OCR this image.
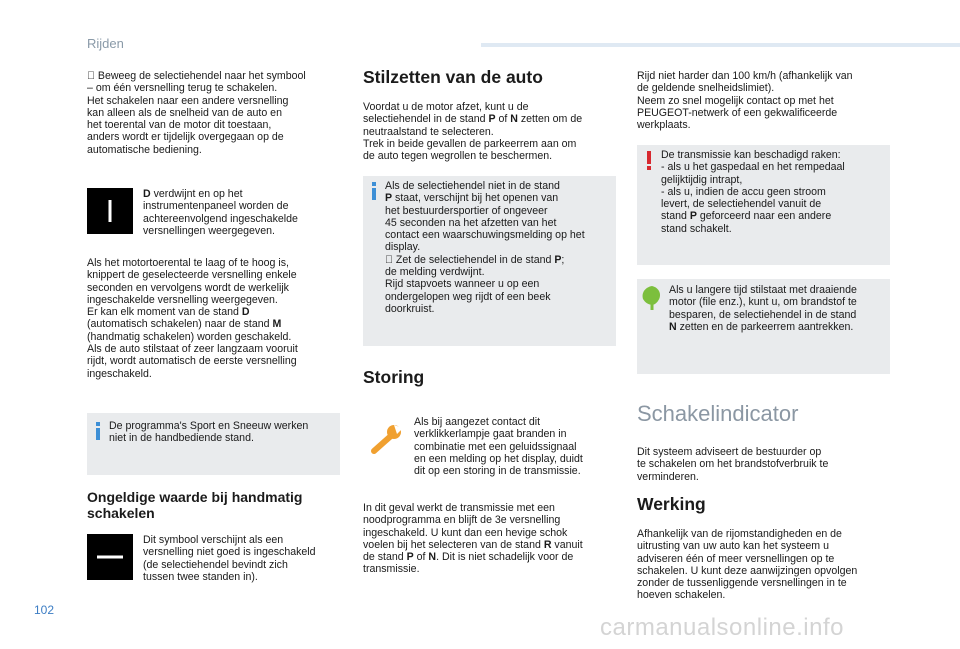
Rijden
Beweeg de selectiehendel naar het symbool
– om één versnelling terug te schakelen.
Het schakelen naar een andere versnelling
kan alleen als de snelheid van de auto en
het toerental van de motor dit toestaan,
anders wordt er tijdelijk overgegaan op de
automatische bediening.
D verdwijnt en op het
instrumentenpaneel worden de
achtereenvolgend ingeschakelde
versnellingen weergegeven.
Als het motortoerental te laag of te hoog is,
knippert de geselecteerde versnelling enkele
seconden en vervolgens wordt de werkelijk
ingeschakelde versnelling weergegeven.
Er kan elk moment van de stand D
(automatisch schakelen) naar de stand M
(handmatig schakelen) worden geschakeld.
Als de auto stilstaat of zeer langzaam vooruit
rijdt, wordt automatisch de eerste versnelling
ingeschakeld.
De programma's Sport en Sneeuw werken
niet in de handbediende stand.
Ongeldige waarde bij handmatig
schakelen
Dit symbool verschijnt als een
versnelling niet goed is ingeschakeld
(de selectiehendel bevindt zich
tussen twee standen in).
Stilzetten van de auto
Voordat u de motor afzet, kunt u de
selectiehendel in de stand P of N zetten om de
neutraalstand te selecteren.
Trek in beide gevallen de parkeerrem aan om
de auto tegen wegrollen te beschermen.
Als de selectiehendel niet in de stand
P staat, verschijnt bij het openen van
het bestuurdersportier of ongeveer
45 seconden na het afzetten van het
contact een waarschuwingsmelding op het
display.
Zet de selectiehendel in de stand P;
de melding verdwijnt.
Rijd stapvoets wanneer u op een
ondergelopen weg rijdt of een beek
doorkruist.
Storing
Als bij aangezet contact dit
verklikkerlampje gaat branden in
combinatie met een geluidssignaal
en een melding op het display, duidt
dit op een storing in de transmissie.
In dit geval werkt de transmissie met een
noodprogramma en blijft de 3e versnelling
ingeschakeld. U kunt dan een hevige schok
voelen bij het selecteren van de stand R vanuit
de stand P of N. Dit is niet schadelijk voor de
transmissie.
Rijd niet harder dan 100 km/h (afhankelijk van
de geldende snelheidslimiet).
Neem zo snel mogelijk contact op met het
PEUGEOT-netwerk of een gekwalificeerde
werkplaats.
De transmissie kan beschadigd raken:
- als u het gaspedaal en het rempedaal
gelijktijdig intrapt,
- als u, indien de accu geen stroom
levert, de selectiehendel vanuit de
stand P geforceerd naar een andere
stand schakelt.
Als u langere tijd stilstaat met draaiende
motor (file enz.), kunt u, om brandstof te
besparen, de selectiehendel in de stand
N zetten en de parkeerrem aantrekken.
Schakelindicator
Dit systeem adviseert de bestuurder op
te schakelen om het brandstofverbruik te
verminderen.
Werking
Afhankelijk van de rijomstandigheden en de
uitrusting van uw auto kan het systeem u
adviseren één of meer versnellingen op te
schakelen. U kunt deze aanwijzingen opvolgen
zonder de tussenliggende versnellingen in te
hoeven schakelen.
102
carmanualsonline.info
